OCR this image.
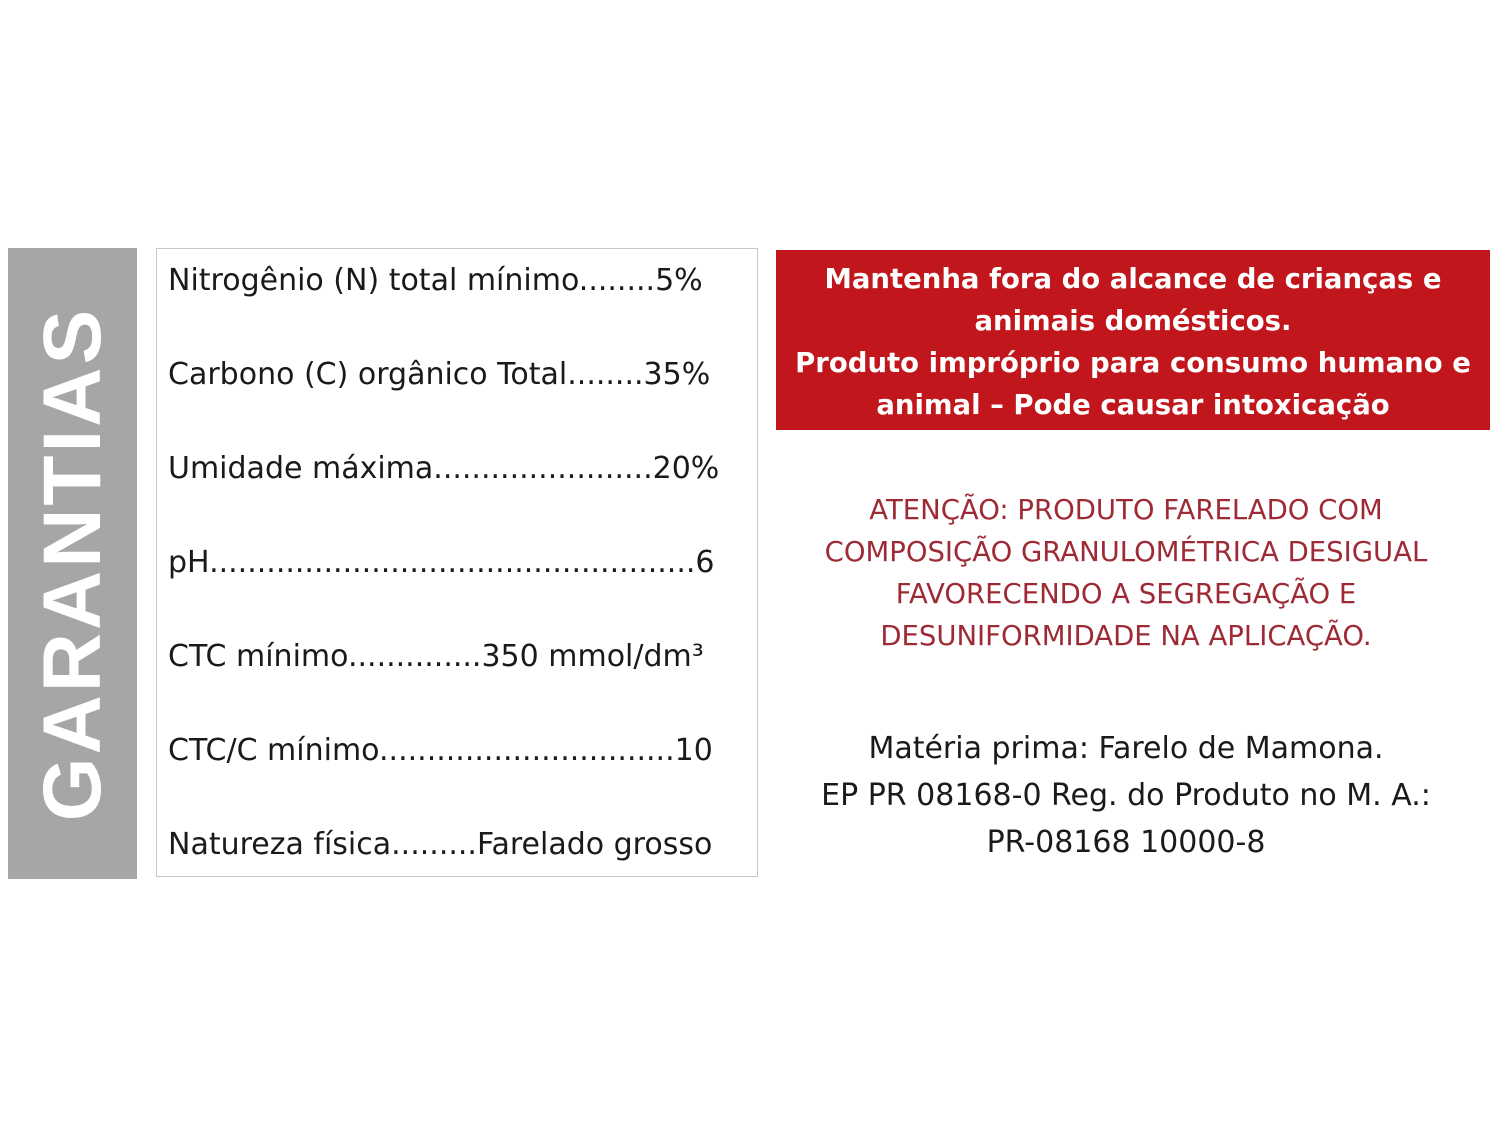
GARANTIAS
Nitrogênio (N) total mínimo........5%
Carbono (C) orgânico Total........35%
Umidade máxima.......................20%
pH...................................................6
CTC mínimo..............350 mmol/dm³
CTC/C mínimo...............................10
Natureza física.........Farelado grosso
Mantenha fora do alcance de crianças e
animais domésticos.
Produto impróprio para consumo humano e
animal – Pode causar intoxicação
ATENÇÃO: PRODUTO FARELADO COM
COMPOSIÇÃO GRANULOMÉTRICA DESIGUAL
FAVORECENDO A SEGREGAÇÃO E
DESUNIFORMIDADE NA APLICAÇÃO.
Matéria prima: Farelo de Mamona.
EP PR 08168-0 Reg. do Produto no M. A.:
PR-08168 10000-8
